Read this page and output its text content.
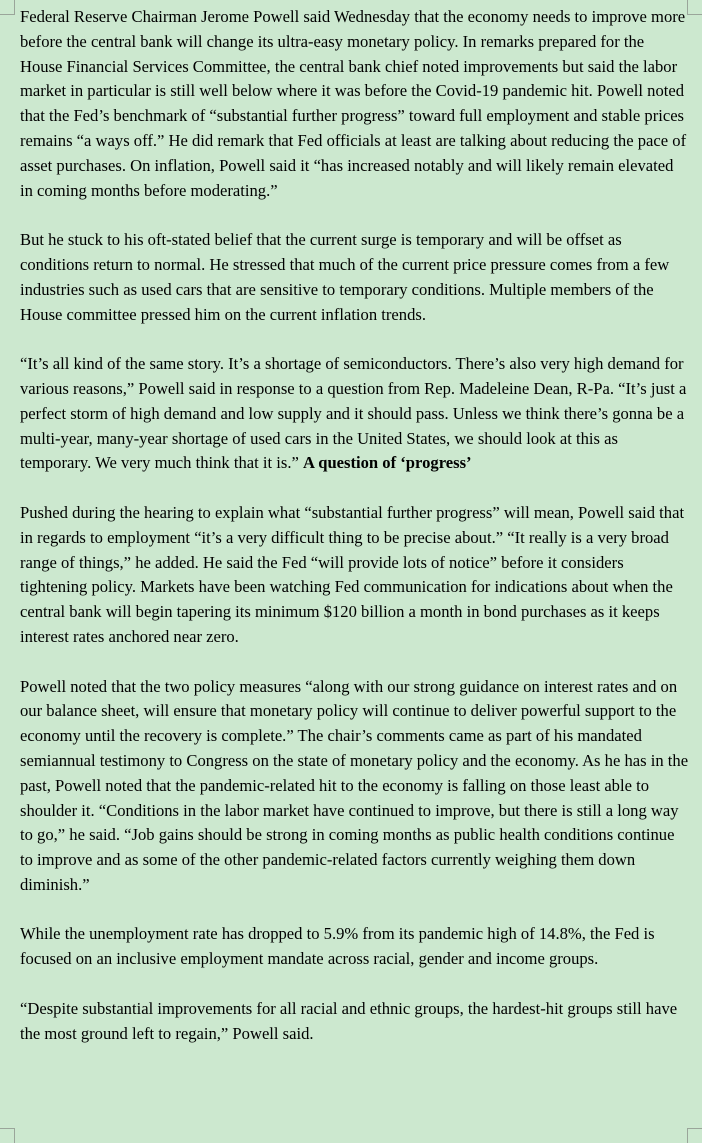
Federal Reserve Chairman Jerome Powell said Wednesday that the economy needs to improve more before the central bank will change its ultra-easy monetary policy. In remarks prepared for the House Financial Services Committee, the central bank chief noted improvements but said the labor market in particular is still well below where it was before the Covid-19 pandemic hit. Powell noted that the Fed’s benchmark of “substantial further progress” toward full employment and stable prices remains “a ways off.” He did remark that Fed officials at least are talking about reducing the pace of asset purchases. On inflation, Powell said it “has increased notably and will likely remain elevated in coming months before moderating.”

But he stuck to his oft-stated belief that the current surge is temporary and will be offset as conditions return to normal. He stressed that much of the current price pressure comes from a few industries such as used cars that are sensitive to temporary conditions. Multiple members of the House committee pressed him on the current inflation trends.

“It’s all kind of the same story. It’s a shortage of semiconductors. There’s also very high demand for various reasons,” Powell said in response to a question from Rep. Madeleine Dean, R-Pa. “It’s just a perfect storm of high demand and low supply and it should pass. Unless we think there’s gonna be a multi-year, many-year shortage of used cars in the United States, we should look at this as temporary. We very much think that it is.” A question of ‘progress’

Pushed during the hearing to explain what “substantial further progress” will mean, Powell said that in regards to employment “it’s a very difficult thing to be precise about.” “It really is a very broad range of things,” he added. He said the Fed “will provide lots of notice” before it considers tightening policy. Markets have been watching Fed communication for indications about when the central bank will begin tapering its minimum $120 billion a month in bond purchases as it keeps interest rates anchored near zero.

Powell noted that the two policy measures “along with our strong guidance on interest rates and on our balance sheet, will ensure that monetary policy will continue to deliver powerful support to the economy until the recovery is complete.” The chair’s comments came as part of his mandated semiannual testimony to Congress on the state of monetary policy and the economy. As he has in the past, Powell noted that the pandemic-related hit to the economy is falling on those least able to shoulder it. “Conditions in the labor market have continued to improve, but there is still a long way to go,” he said. “Job gains should be strong in coming months as public health conditions continue to improve and as some of the other pandemic-related factors currently weighing them down diminish.”

While the unemployment rate has dropped to 5.9% from its pandemic high of 14.8%, the Fed is focused on an inclusive employment mandate across racial, gender and income groups.

“Despite substantial improvements for all racial and ethnic groups, the hardest-hit groups still have the most ground left to regain,” Powell said.
